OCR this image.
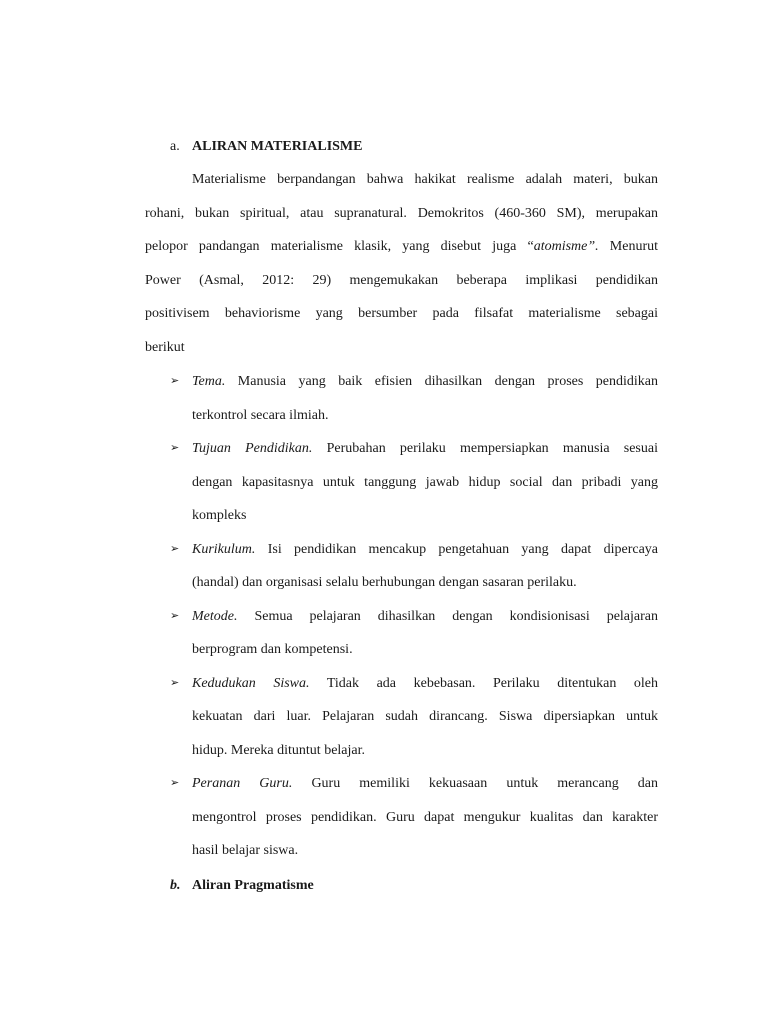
a. ALIRAN MATERIALISME
Materialisme berpandangan bahwa hakikat realisme adalah materi, bukan
rohani, bukan spiritual, atau supranatural. Demokritos (460-360 SM), merupakan
pelopor pandangan materialisme klasik, yang disebut juga “atomisme”. Menurut
Power (Asmal, 2012: 29) mengemukakan beberapa implikasi pendidikan
positivisem behaviorisme yang bersumber pada filsafat materialisme sebagai
berikut
➢ Tema. Manusia yang baik efisien dihasilkan dengan proses pendidikan
terkontrol secara ilmiah.
➢ Tujuan Pendidikan. Perubahan perilaku mempersiapkan manusia sesuai
dengan kapasitasnya untuk tanggung jawab hidup social dan pribadi yang
kompleks
➢ Kurikulum. Isi pendidikan mencakup pengetahuan yang dapat dipercaya
(handal) dan organisasi selalu berhubungan dengan sasaran perilaku.
➢ Metode. Semua pelajaran dihasilkan dengan kondisionisasi pelajaran
berprogram dan kompetensi.
➢ Kedudukan Siswa. Tidak ada kebebasan. Perilaku ditentukan oleh
kekuatan dari luar. Pelajaran sudah dirancang. Siswa dipersiapkan untuk
hidup. Mereka dituntut belajar.
➢ Peranan Guru. Guru memiliki kekuasaan untuk merancang dan
mengontrol proses pendidikan. Guru dapat mengukur kualitas dan karakter
hasil belajar siswa.
b. Aliran Pragmatisme
